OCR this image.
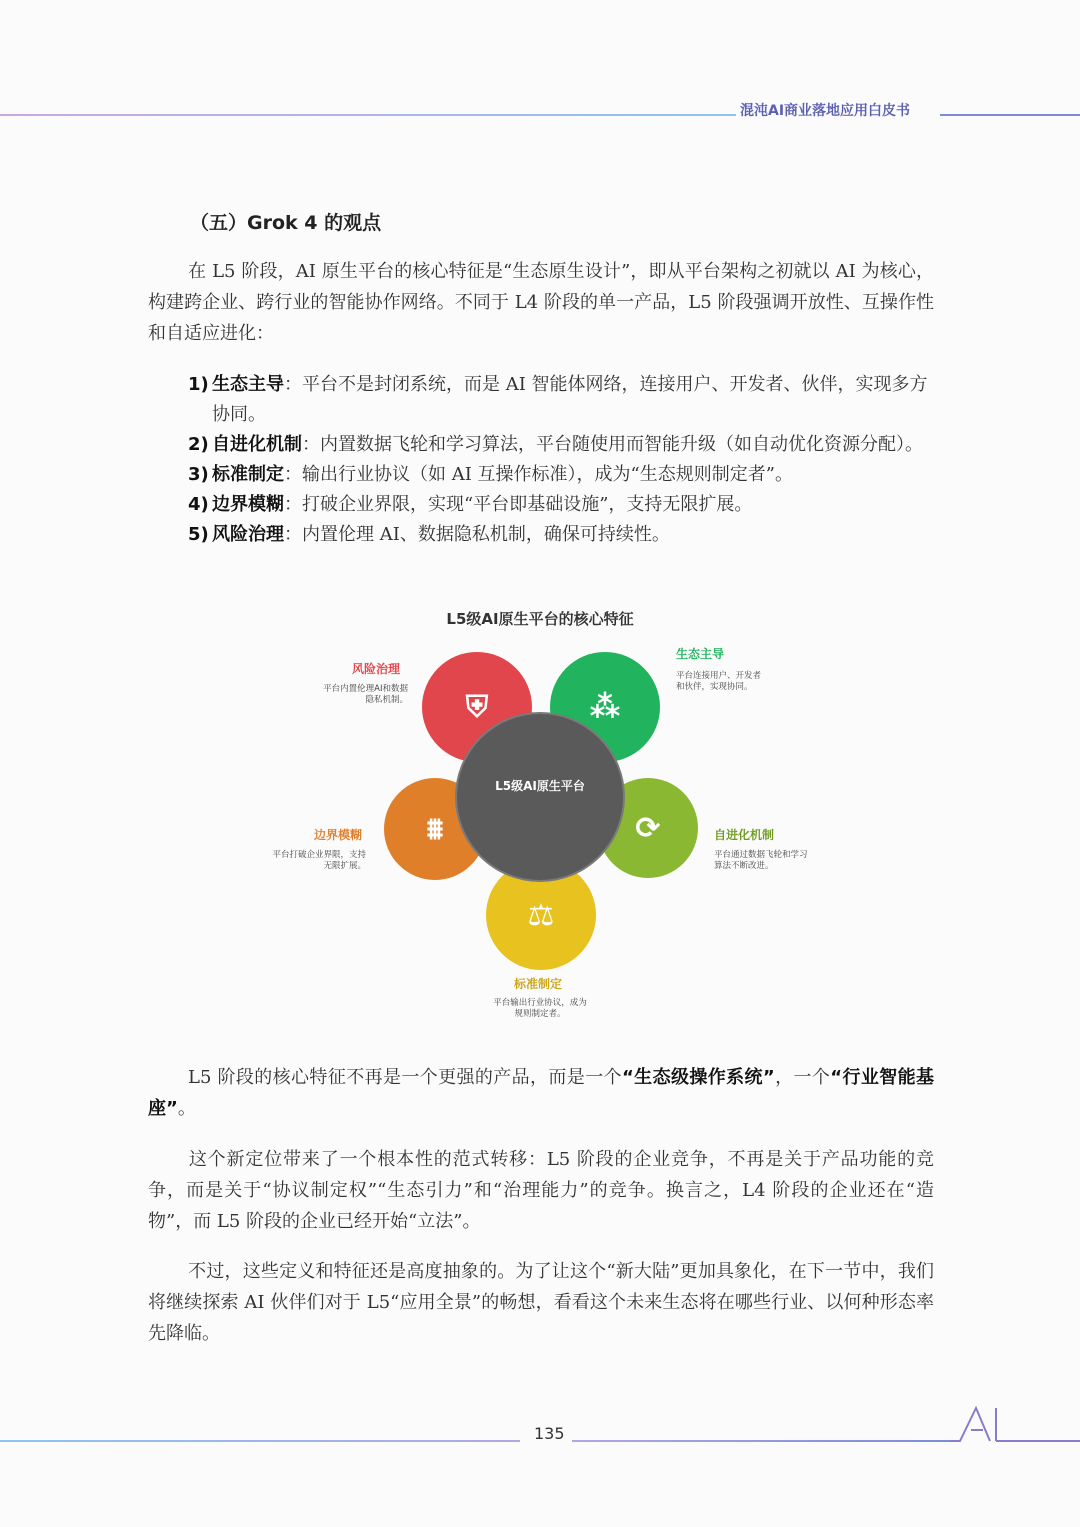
混沌AI商业落地应用白皮书
（五）Grok 4 的观点
在 L5 阶段，AI 原生平台的核心特征是“生态原生设计”，即从平台架构之初就以 AI 为核心，构建跨企业、跨行业的智能协作网络。不同于 L4 阶段的单一产品，L5 阶段强调开放性、互操作性和自适应进化：
1) 生态主导：平台不是封闭系统，而是 AI 智能体网络，连接用户、开发者、伙伴，实现多方协同。
2) 自进化机制：内置数据飞轮和学习算法，平台随使用而智能升级（如自动优化资源分配）。
3) 标准制定：输出行业协议（如 AI 互操作标准），成为“生态规则制定者”。
4) 边界模糊：打破企业界限，实现“平台即基础设施”，支持无限扩展。
5) 风险治理：内置伦理 AI、数据隐私机制，确保可持续性。
L5级AI原生平台的核心特征
⛨	⁂
⟳
⚖
⩩
L5级AI原生平台
风险治理
平台内置伦理AI和数据隐私机制。
生态主导
平台连接用户、开发者和伙伴，实现协同。
自进化机制
平台通过数据飞轮和学习算法不断改进。
标准制定
平台输出行业协议，成为规则制定者。
边界模糊
平台打破企业界限，支持无限扩展。
L5 阶段的核心特征不再是一个更强的产品，而是一个“生态级操作系统”，一个“行业智能基座”。
这个新定位带来了一个根本性的范式转移：L5 阶段的企业竞争，不再是关于产品功能的竞争，而是关于“协议制定权”“生态引力”和“治理能力”的竞争。换言之，L4 阶段的企业还在“造物”，而 L5 阶段的企业已经开始“立法”。
不过，这些定义和特征还是高度抽象的。为了让这个“新大陆”更加具象化，在下一节中，我们将继续探索 AI 伙伴们对于 L5“应用全景”的畅想，看看这个未来生态将在哪些行业、以何种形态率先降临。
135
